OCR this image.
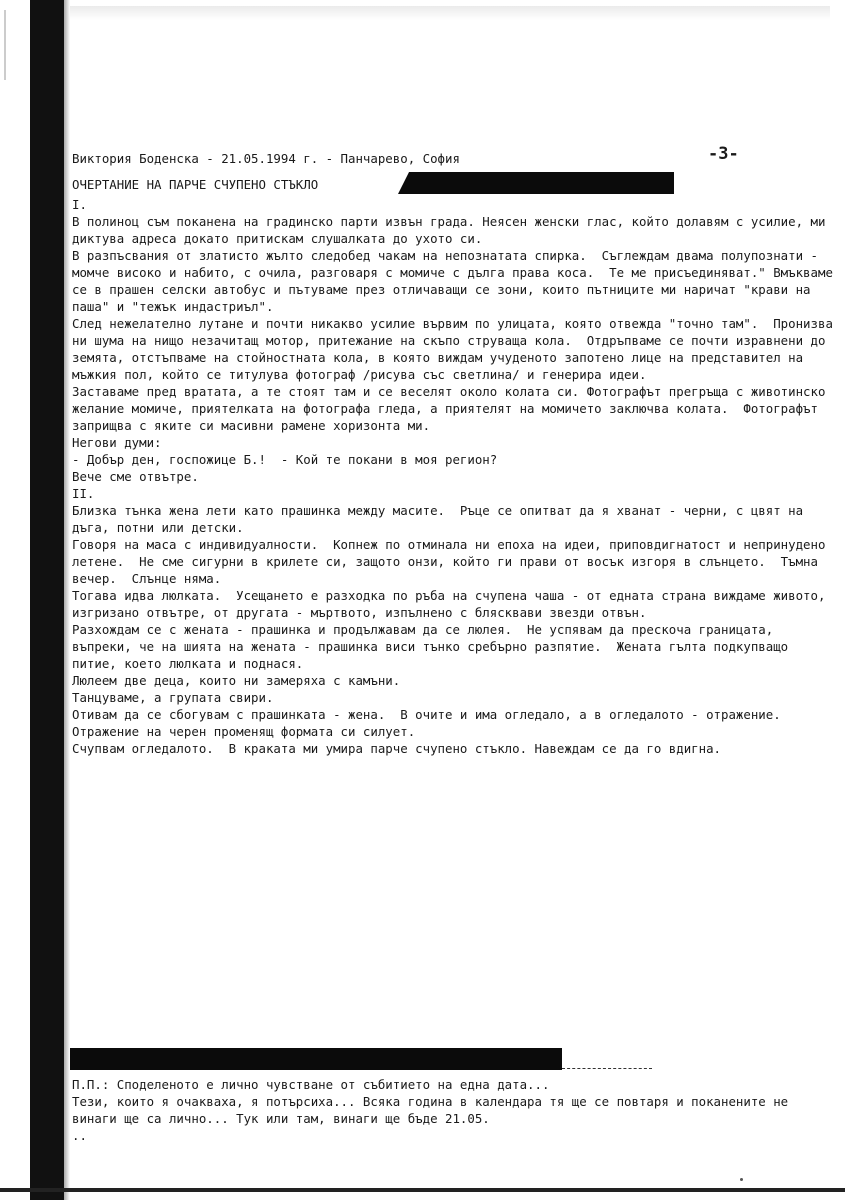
Виктория Боденска - 21.05.1994 г. - Панчарево, София	-3-
ОЧЕРТАНИЕ НА ПАРЧЕ СЧУПЕНО СТЪКЛО

I.

В полиноц съм поканена на градинско парти извън града. Неясен женски глас, който долавям с усилие, ми диктува адреса докато притискам слушалката до ухото си.

В разпъсвания от златисто жълто следобед чакам на непознатата спирка.  Съглеждам двама полупознати - момче високо и набито, с очила, разговаря с момиче с дълга права коса.  Те ме присъединяват." Вмъкваме се в прашен селски автобус и пътуваме през отличаващи се зони, които пътниците ми наричат "крави на паша" и "тежък индастриъл".

След нежелателно лутане и почти никакво усилие вървим по улицата, която отвежда "точно там".  Пронизва ни шума на нищо незачитащ мотор, притежание на скъпо струваща кола.  Отдръпваме се почти изравнени до земята, отстъпваме на стойностната кола, в която виждам учуденото запотено лице на представител на мъжкия пол, който се титулува фотограф /рисува със светлина/ и генерира идеи.

Заставаме пред вратата, а те стоят там и се веселят около колата си. Фотографът прегръща с животинско желание момиче, приятелката на фотографа гледа, а приятелят на момичето заключва колата.  Фотографът заприщва с яките си масивни рамене хоризонта ми.

Негови думи:
- Добър ден, госпожице Б.!  - Кой те покани в моя регион?

Вече сме отвътре.

II.

Близка тънка жена лети като прашинка между масите.  Ръце се опитват да я хванат - черни, с цвят на дъга, потни или детски.

Говоря на маса с индивидуалности.  Копнеж по отминала ни епоха на идеи, приповдигнатост и непринудено летене.  Не сме сигурни в крилете си, защото онзи, който ги прави от восък изгоря в слънцето.  Тъмна вечер.  Слънце няма.

Тогава идва люлката.  Усещането е разходка по ръба на счупена чаша - от едната страна виждаме живото, изгризано отвътре, от другата - мъртвото, изпълнено с блясквави звезди отвън.

Разхождам се с жената - прашинка и продължавам да се люлея.  Не успявам да прескоча границата, въпреки, че на шията на жената - прашинка виси тънко сребърно разпятие.  Жената гълта подкупващо питие, което люлката и поднася.

Люлеем две деца, които ни замеряха с камъни.

Танцуваме, а групата свири.

Отивам да се сбогувам с прашинката - жена.  В очите и има огледало, а в огледалото - отражение.  Отражение на черен променящ формата си силует.

Счупвам огледалото.  В краката ми умира парче счупено стъкло. Навеждам се да го вдигна.

П.П.: Споделеното е лично чувстване от събитието на една дата...

Тези, които я очакваха, я потърсиха... Всяка година в календара тя ще се повтаря и поканените не винаги ще са лично... Тук или там, винаги ще бъде 21.05.

..
